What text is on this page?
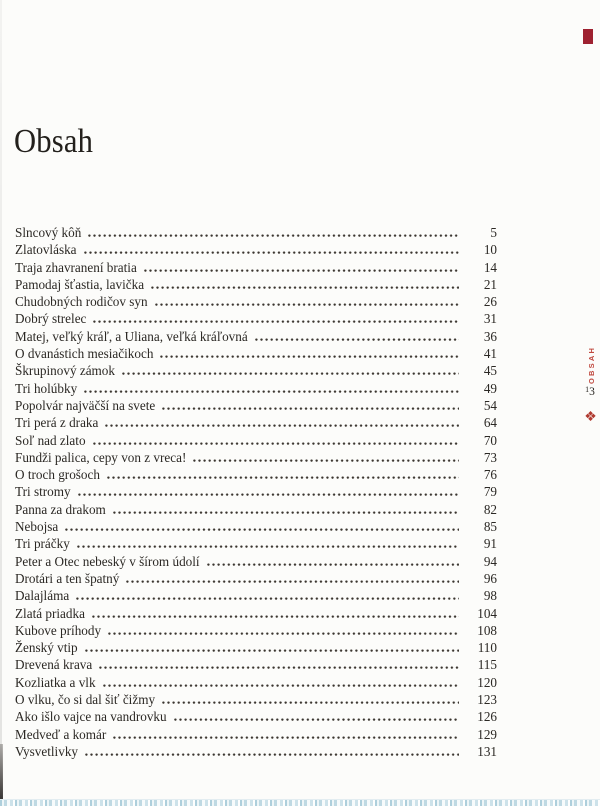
Obsah
Slncový kôň	5
Zlatovláska	10
Traja zhavranení bratia	14
Pamodaj šťastia, lavička	21
Chudobných rodičov syn	26
Dobrý strelec	31
Matej, veľký kráľ, a Uliana, veľká kráľovná	36
O dvanástich mesiačikoch	41
Škrupinový zámok	45
Tri holúbky	49
Popolvár najväčší na svete	54
Tri perá z draka	64
Soľ nad zlato	70
Fundži palica, cepy von z vreca!	73
O troch grošoch	76
Tri stromy	79
Panna za drakom	82
Nebojsa	85
Tri práčky	91
Peter a Otec nebeský v šírom údolí	94
Drotári a ten špatný	96
Dalajláma	98
Zlatá priadka	104
Kubove príhody	108
Ženský vtip	110
Drevená krava	115
Kozliatka a vlk	120
O vlku, čo si dal šiť čižmy	123
Ako išlo vajce na vandrovku	126
Medveď a komár	129
Vysvetlivky	131
OBSAH
13
❖
